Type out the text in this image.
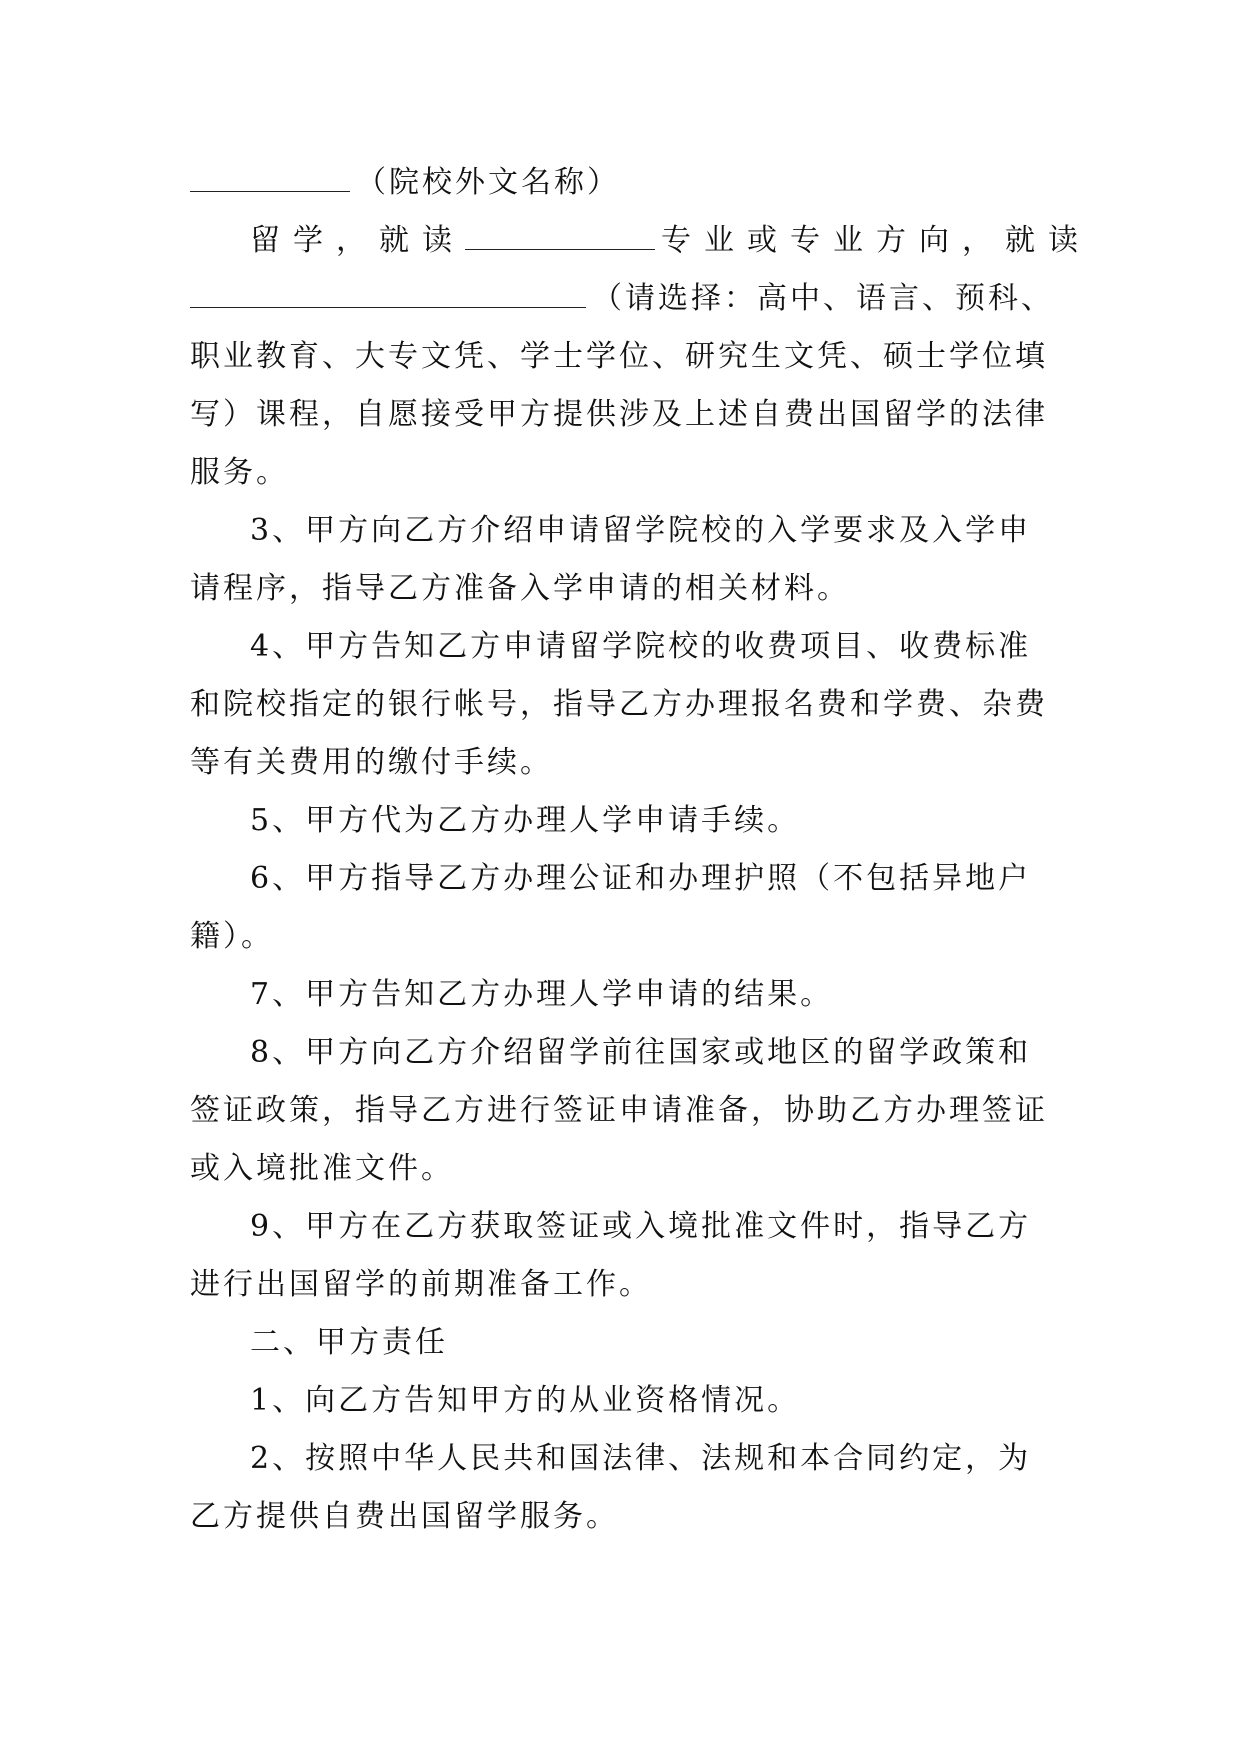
（院校外文名称）
留学，就读	专业或专业方向，就读
（请选择：高中、语言、预科、
职业教育、大专文凭、学士学位、研究生文凭、硕士学位填
写）课程，自愿接受甲方提供涉及上述自费出国留学的法律
服务。
3、甲方向乙方介绍申请留学院校的入学要求及入学申
请程序，指导乙方准备入学申请的相关材料。
4、甲方告知乙方申请留学院校的收费项目、收费标准
和院校指定的银行帐号，指导乙方办理报名费和学费、杂费
等有关费用的缴付手续。
5、甲方代为乙方办理人学申请手续。
6、甲方指导乙方办理公证和办理护照（不包括异地户
籍）。
7、甲方告知乙方办理人学申请的结果。
8、甲方向乙方介绍留学前往国家或地区的留学政策和
签证政策，指导乙方进行签证申请准备，协助乙方办理签证
或入境批准文件。
9、甲方在乙方获取签证或入境批准文件时，指导乙方
进行出国留学的前期准备工作。
二、甲方责任
1、向乙方告知甲方的从业资格情况。
2、按照中华人民共和国法律、法规和本合同约定，为
乙方提供自费出国留学服务。
